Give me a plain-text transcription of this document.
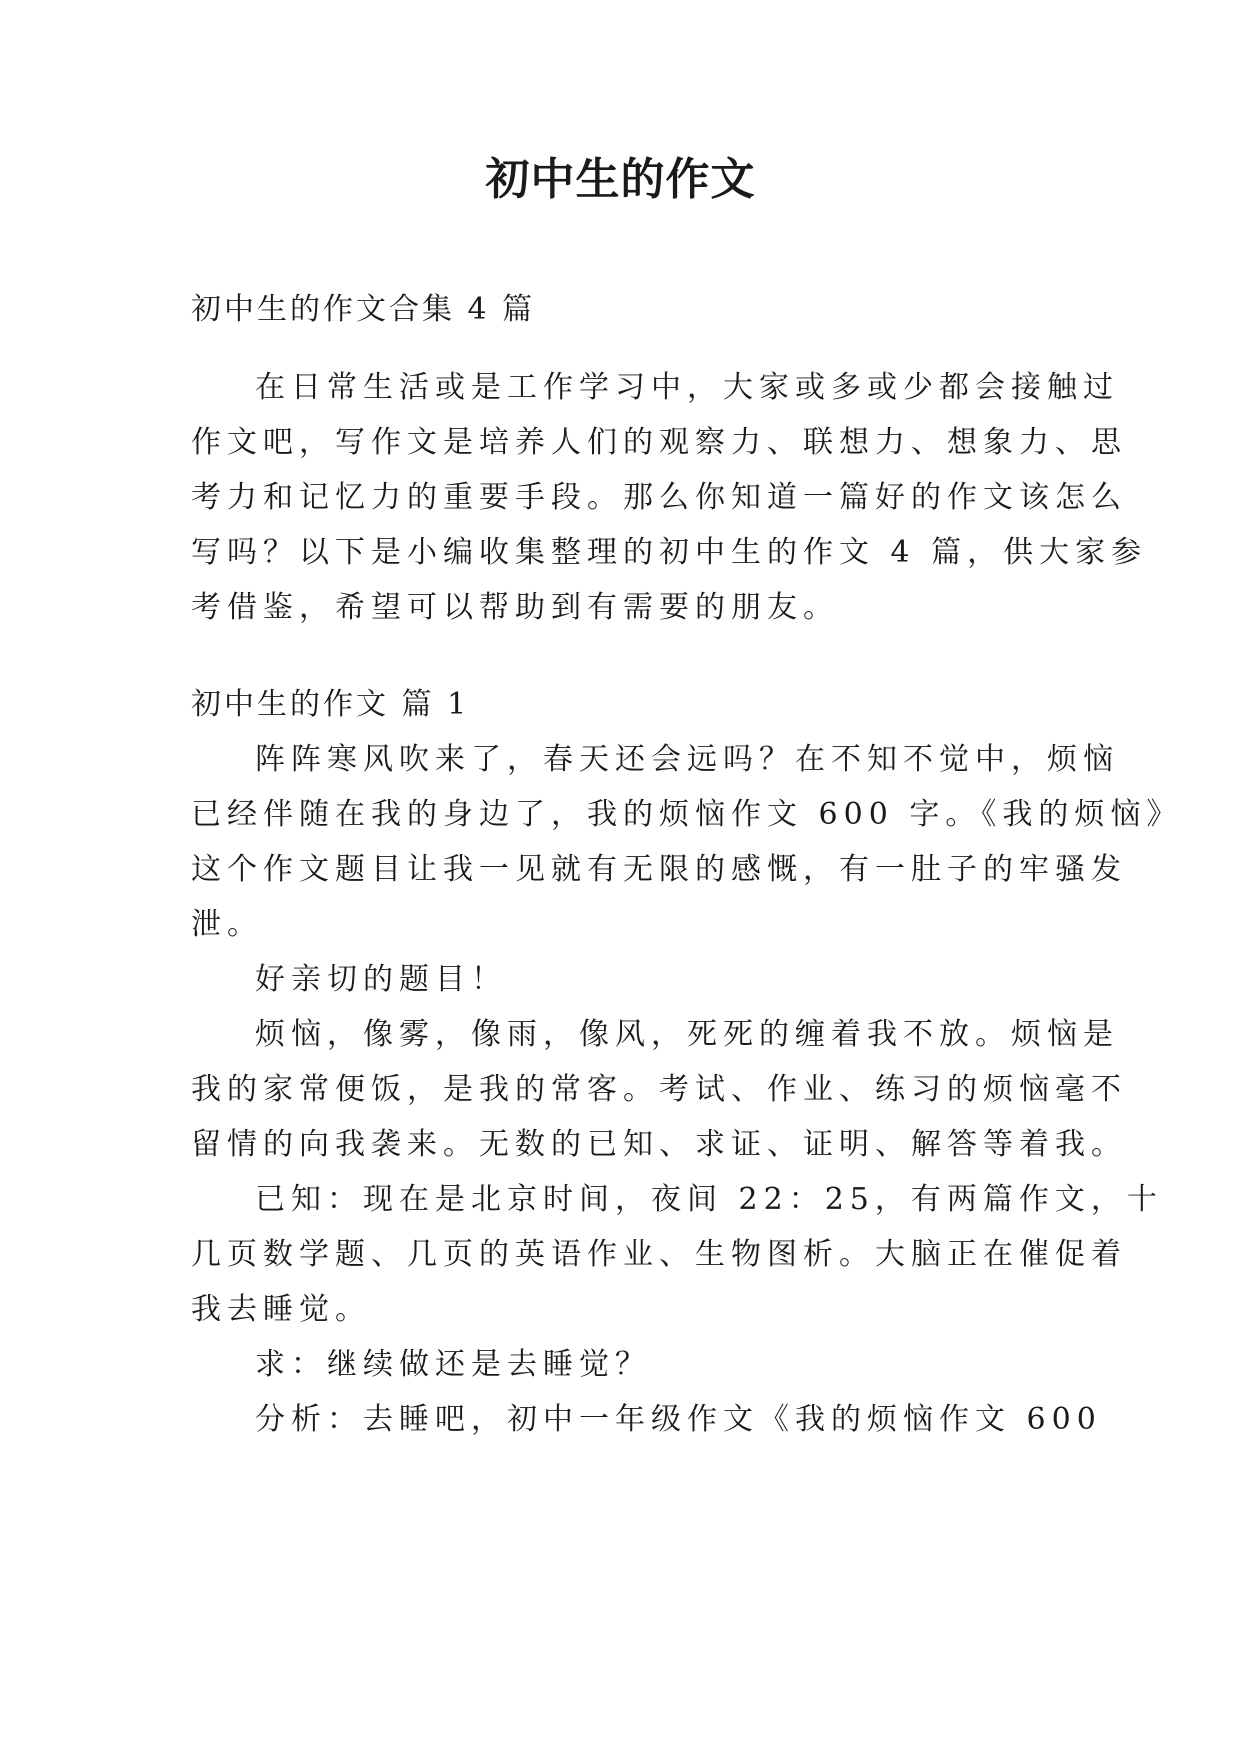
初中生的作文
初中生的作文合集 4 篇
在日常生活或是工作学习中，大家或多或少都会接触过
作文吧，写作文是培养人们的观察力、联想力、想象力、思
考力和记忆力的重要手段。那么你知道一篇好的作文该怎么
写吗？以下是小编收集整理的初中生的作文 4 篇，供大家参
考借鉴，希望可以帮助到有需要的朋友。
初中生的作文 篇 1
阵阵寒风吹来了，春天还会远吗？在不知不觉中，烦恼
已经伴随在我的身边了，我的烦恼作文 600 字。《我的烦恼》
这个作文题目让我一见就有无限的感慨，有一肚子的牢骚发
泄。
好亲切的题目！
烦恼，像雾，像雨，像风，死死的缠着我不放。烦恼是
我的家常便饭，是我的常客。考试、作业、练习的烦恼毫不
留情的向我袭来。无数的已知、求证、证明、解答等着我。
已知：现在是北京时间，夜间 22：25，有两篇作文，十
几页数学题、几页的英语作业、生物图析。大脑正在催促着
我去睡觉。
求：继续做还是去睡觉？
分析：去睡吧，初中一年级作文《我的烦恼作文 600
